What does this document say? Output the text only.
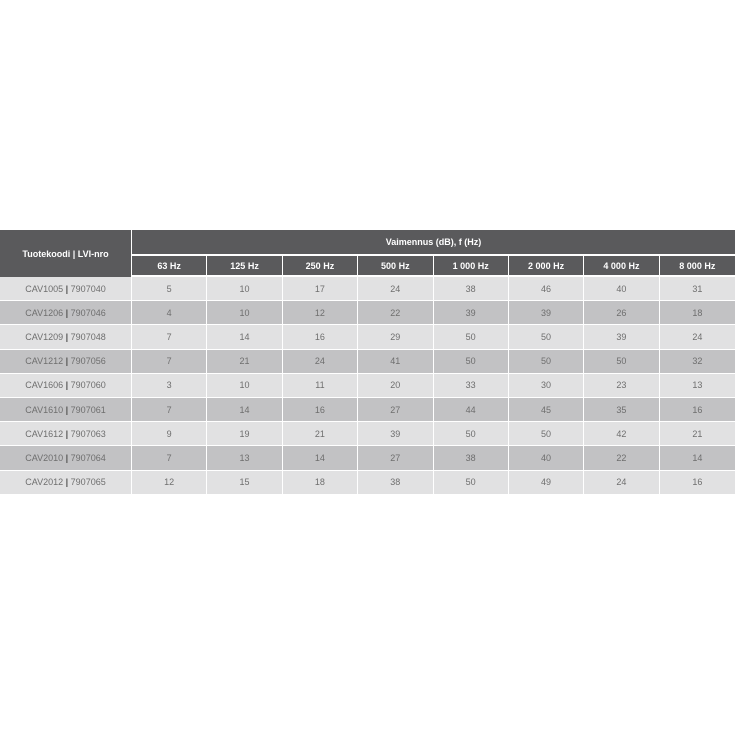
Tuotekoodi | LVI-nro	Vaimennus (dB), f (Hz)							
	63 Hz	125 Hz	250 Hz	500 Hz	1 000 Hz	2 000 Hz	4 000 Hz	8 000 Hz
CAV1005 | 7907040	5	10	17	24	38	46	40	31
CAV1206 | 7907046	4	10	12	22	39	39	26	18
CAV1209 | 7907048	7	14	16	29	50	50	39	24
CAV1212 | 7907056	7	21	24	41	50	50	50	32
CAV1606 | 7907060	3	10	11	20	33	30	23	13
CAV1610 | 7907061	7	14	16	27	44	45	35	16
CAV1612 | 7907063	9	19	21	39	50	50	42	21
CAV2010 | 7907064	7	13	14	27	38	40	22	14
CAV2012 | 7907065	12	15	18	38	50	49	24	16
